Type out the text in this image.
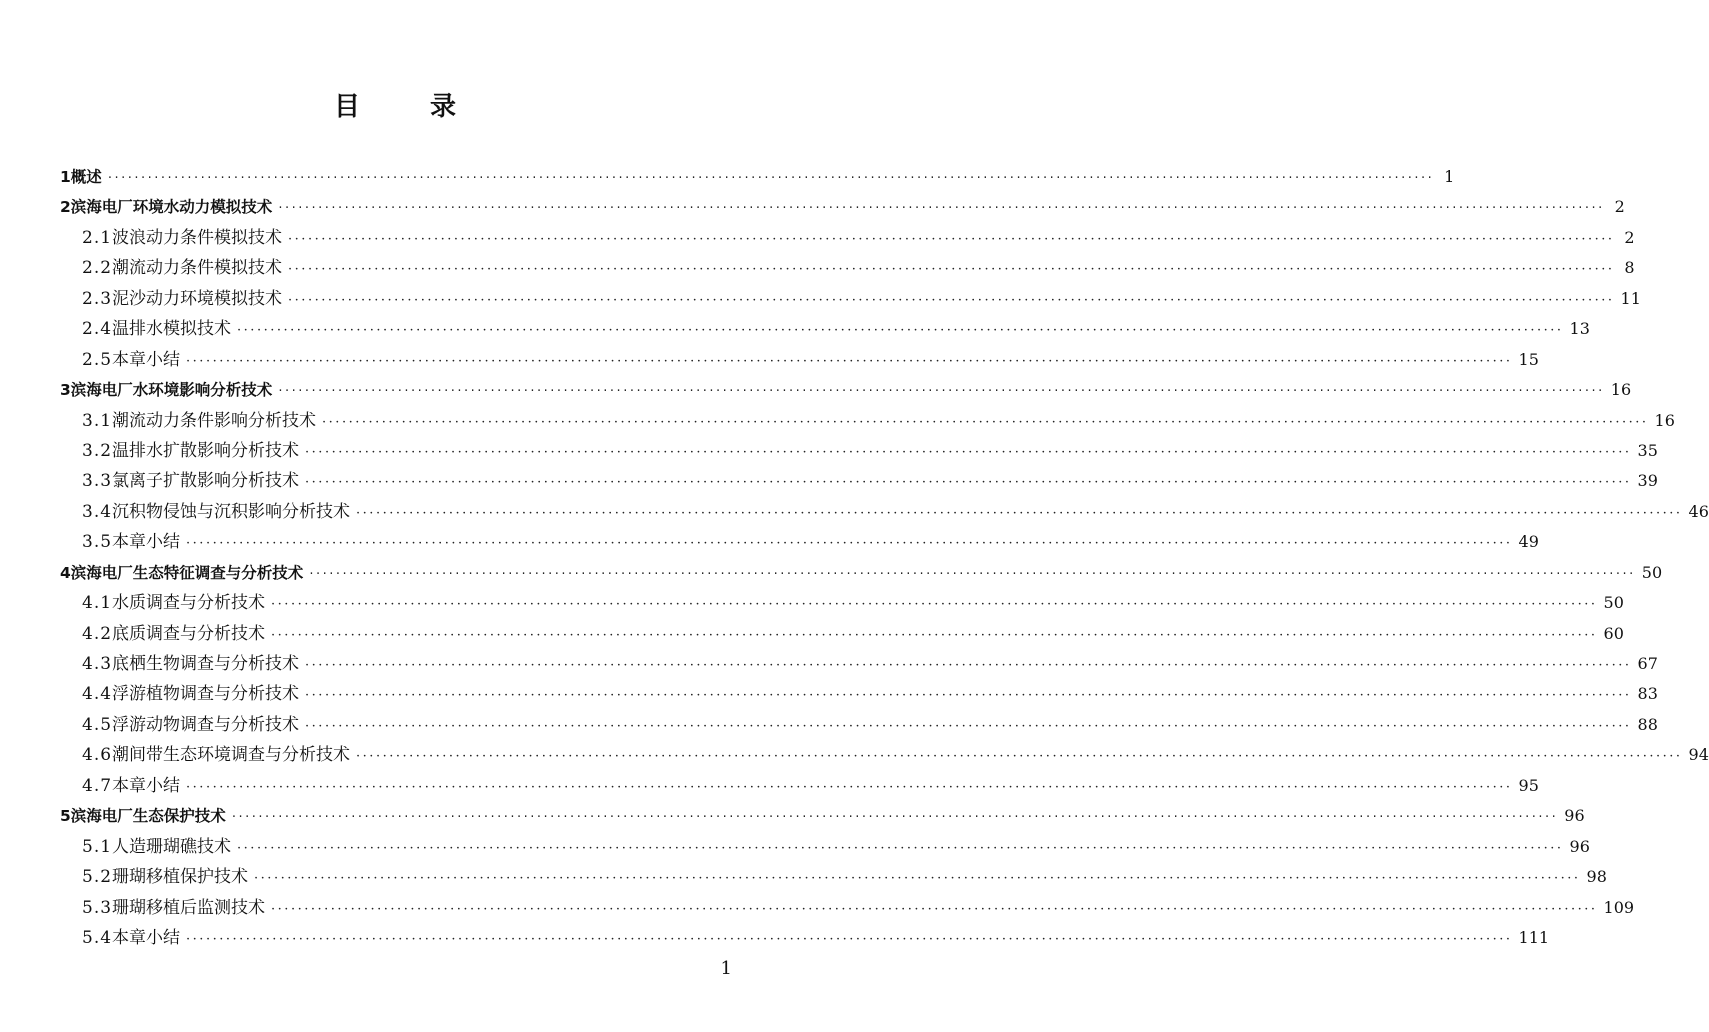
目录
1 概述 ········································································································································································································ 1
2 滨海电厂环境水动力模拟技术 ········································································································································································································ 2
2.1 波浪动力条件模拟技术 ········································································································································································································ 2
2.2 潮流动力条件模拟技术 ········································································································································································································ 8
2.3 泥沙动力环境模拟技术 ········································································································································································································ 11
2.4 温排水模拟技术 ········································································································································································································ 13
2.5 本章小结 ········································································································································································································ 15
3 滨海电厂水环境影响分析技术 ········································································································································································································ 16
3.1 潮流动力条件影响分析技术 ········································································································································································································ 16
3.2 温排水扩散影响分析技术 ········································································································································································································ 35
3.3 氯离子扩散影响分析技术 ········································································································································································································ 39
3.4 沉积物侵蚀与沉积影响分析技术 ········································································································································································································ 46
3.5 本章小结 ········································································································································································································ 49
4 滨海电厂生态特征调查与分析技术 ········································································································································································································ 50
4.1 水质调查与分析技术 ········································································································································································································ 50
4.2 底质调查与分析技术 ········································································································································································································ 60
4.3 底栖生物调查与分析技术 ········································································································································································································ 67
4.4 浮游植物调查与分析技术 ········································································································································································································ 83
4.5 浮游动物调查与分析技术 ········································································································································································································ 88
4.6 潮间带生态环境调查与分析技术 ········································································································································································································ 94
4.7 本章小结 ········································································································································································································ 95
5 滨海电厂生态保护技术 ········································································································································································································ 96
5.1 人造珊瑚礁技术 ········································································································································································································ 96
5.2 珊瑚移植保护技术 ········································································································································································································ 98
5.3 珊瑚移植后监测技术 ········································································································································································································ 109
5.4 本章小结 ········································································································································································································ 111
1
